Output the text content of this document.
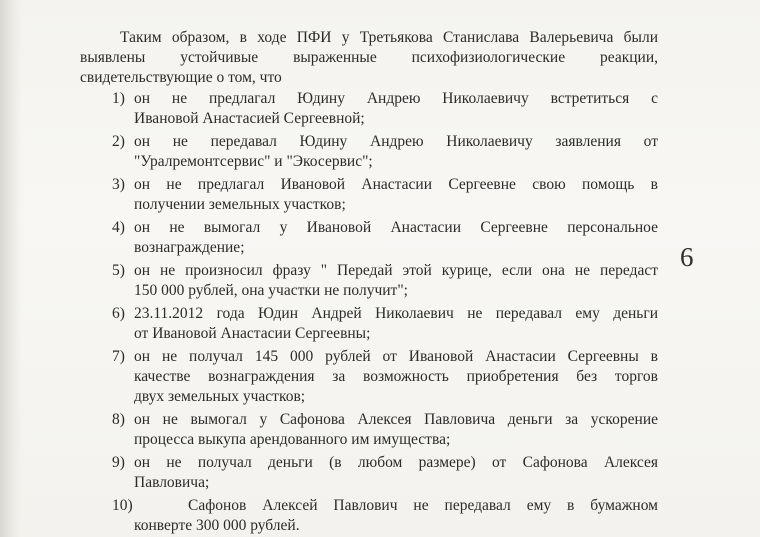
Таким образом, в ходе ПФИ у Третьякова Станислава Валерьевича были
выявлены устойчивые выраженные психофизиологические реакции,
свидетельствующие о том, что
1) он не предлагал Юдину Андрею Николаевичу встретиться с
Ивановой Анастасией Сергеевной;
2) он не передавал Юдину Андрею Николаевичу заявления от
"Уралремонтсервис" и "Экосервис";
3) он не предлагал Ивановой Анастасии Сергеевне свою помощь в
получении земельных участков;
4) он не вымогал у Ивановой Анастасии Сергеевне персональное
вознаграждение;
5) он не произносил фразу " Передай этой курице, если она не передаст
150 000 рублей, она участки не получит";
6) 23.11.2012 года Юдин Андрей Николаевич не передавал ему деньги
от Ивановой Анастасии Сергеевны;
7) он не получал 145 000 рублей от Ивановой Анастасии Сергеевны в
качестве вознаграждения за возможность приобретения без торгов
двух земельных участков;
8) он не вымогал у Сафонова Алексея Павловича деньги за ускорение
процесса выкупа арендованного им имущества;
9) он не получал деньги (в любом размере) от Сафонова Алексея
Павловича;
10)	Сафонов Алексей Павлович не передавал ему в бумажном
конверте 300 000 рублей.
6
